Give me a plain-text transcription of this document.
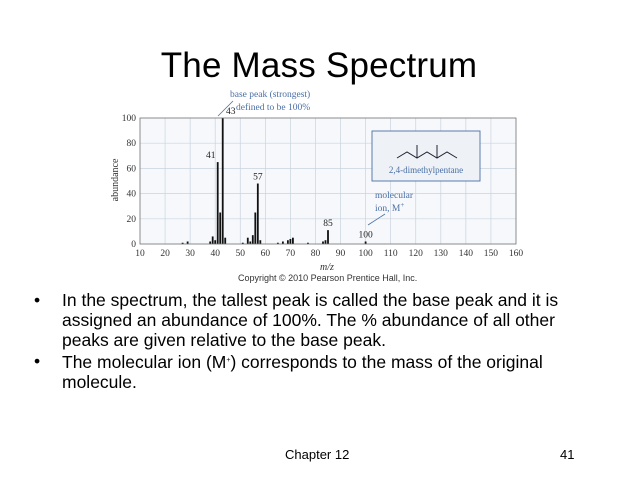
The Mass Spectrum
41
43
57
85
100
10 20 30 40 50 60 70 80 90 100 110 120 130 140 150 160
0
20
40
60
80
100
abundance
m/z
base peak (strongest)
defined to be 100%
2,4-dimethylpentane
molecular
ion, M+
Copyright © 2010 Pearson Prentice Hall, Inc.
• In the spectrum, the tallest peak is called the base peak and it is assigned an abundance of 100%. The % abundance of all other peaks are given relative to the base peak.
• The molecular ion (M+) corresponds to the mass of the original molecule.
Chapter 12	41
